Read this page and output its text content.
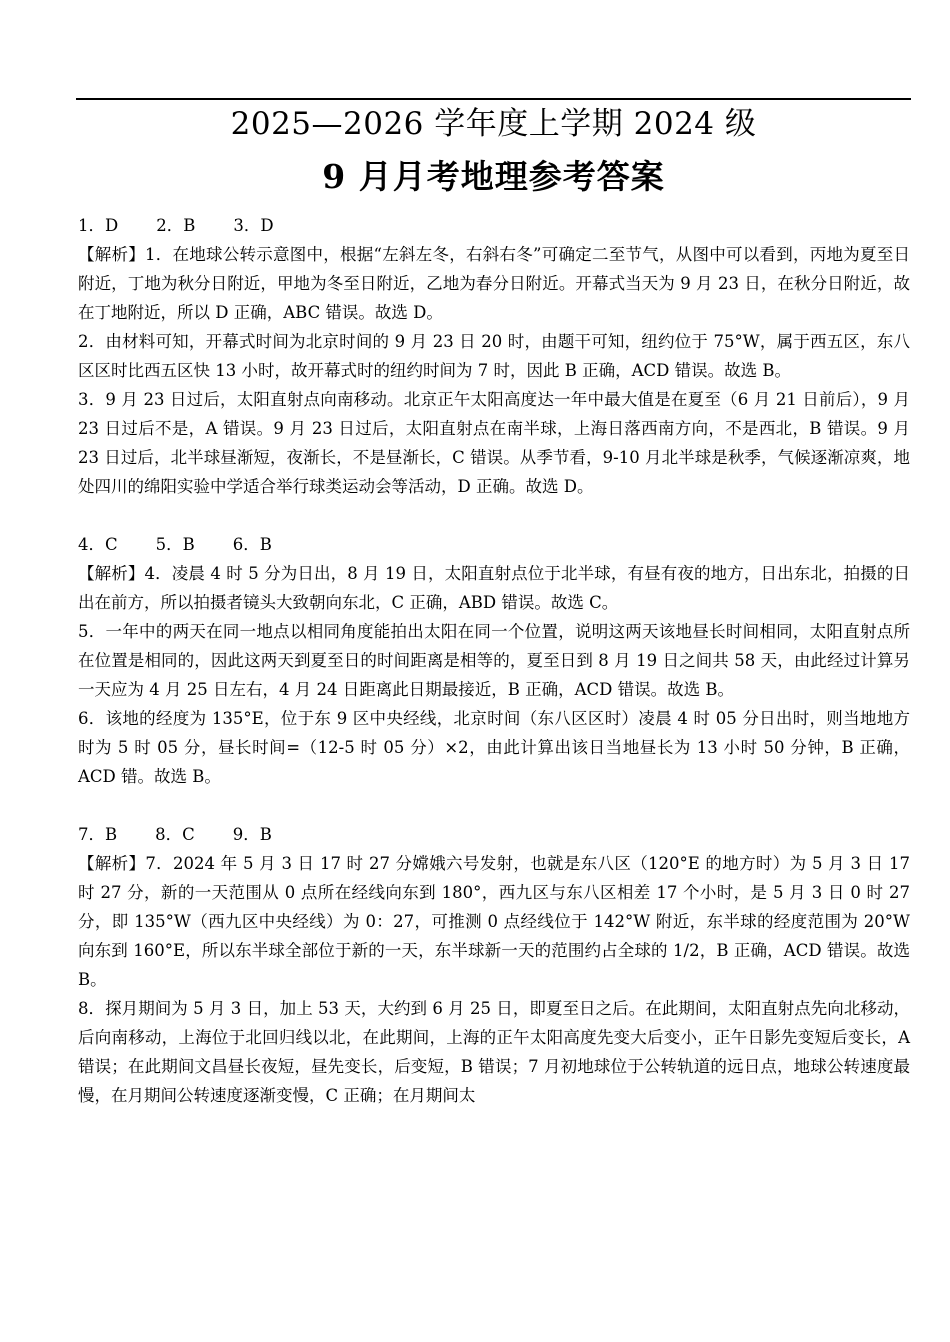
2025—2026 学年度上学期 2024 级
9 月月考地理参考答案

1．D 2．B 3．D

【解析】1．在地球公转示意图中，根据“左斜左冬，右斜右冬”可确定二至节气，从图中可以看到，丙地为夏至日附近，丁地为秋分日附近，甲地为冬至日附近，乙地为春分日附近。开幕式当天为 9 月 23 日，在秋分日附近，故在丁地附近，所以 D 正确，ABC 错误。故选 D。

2．由材料可知，开幕式时间为北京时间的 9 月 23 日 20 时，由题干可知，纽约位于 75°W，属于西五区，东八区区时比西五区快 13 小时，故开幕式时的纽约时间为 7 时，因此 B 正确，ACD 错误。故选 B。

3．9 月 23 日过后，太阳直射点向南移动。北京正午太阳高度达一年中最大值是在夏至（6 月 21 日前后），9 月 23 日过后不是，A 错误。9 月 23 日过后，太阳直射点在南半球，上海日落西南方向，不是西北，B 错误。9 月 23 日过后，北半球昼渐短，夜渐长，不是昼渐长，C 错误。从季节看，9-10 月北半球是秋季，气候逐渐凉爽，地处四川的绵阳实验中学适合举行球类运动会等活动，D 正确。故选 D。

4．C 5．B 6．B

【解析】4．凌晨 4 时 5 分为日出，8 月 19 日，太阳直射点位于北半球，有昼有夜的地方，日出东北，拍摄的日出在前方，所以拍摄者镜头大致朝向东北，C 正确，ABD 错误。故选 C。

5．一年中的两天在同一地点以相同角度能拍出太阳在同一个位置，说明这两天该地昼长时间相同，太阳直射点所在位置是相同的，因此这两天到夏至日的时间距离是相等的，夏至日到 8 月 19 日之间共 58 天，由此经过计算另一天应为 4 月 25 日左右，4 月 24 日距离此日期最接近，B 正确，ACD 错误。故选 B。

6．该地的经度为 135°E，位于东 9 区中央经线，北京时间（东八区区时）凌晨 4 时 05 分日出时，则当地地方时为 5 时 05 分，昼长时间=（12-5 时 05 分）×2，由此计算出该日当地昼长为 13 小时 50 分钟，B 正确，ACD 错。故选 B。

7．B 8．C 9．B

【解析】7．2024 年 5 月 3 日 17 时 27 分嫦娥六号发射，也就是东八区（120°E 的地方时）为 5 月 3 日 17 时 27 分，新的一天范围从 0 点所在经线向东到 180°，西九区与东八区相差 17 个小时，是 5 月 3 日 0 时 27 分，即 135°W（西九区中央经线）为 0：27，可推测 0 点经线位于 142°W 附近，东半球的经度范围为 20°W 向东到 160°E，所以东半球全部位于新的一天，东半球新一天的范围约占全球的 1/2，B 正确，ACD 错误。故选 B。

8．探月期间为 5 月 3 日，加上 53 天，大约到 6 月 25 日，即夏至日之后。在此期间，太阳直射点先向北移动，后向南移动，上海位于北回归线以北，在此期间，上海的正午太阳高度先变大后变小，正午日影先变短后变长，A 错误；在此期间文昌昼长夜短，昼先变长，后变短，B 错误；7 月初地球位于公转轨道的远日点，地球公转速度最慢，在月期间公转速度逐渐变慢，C 正确；在月期间太
